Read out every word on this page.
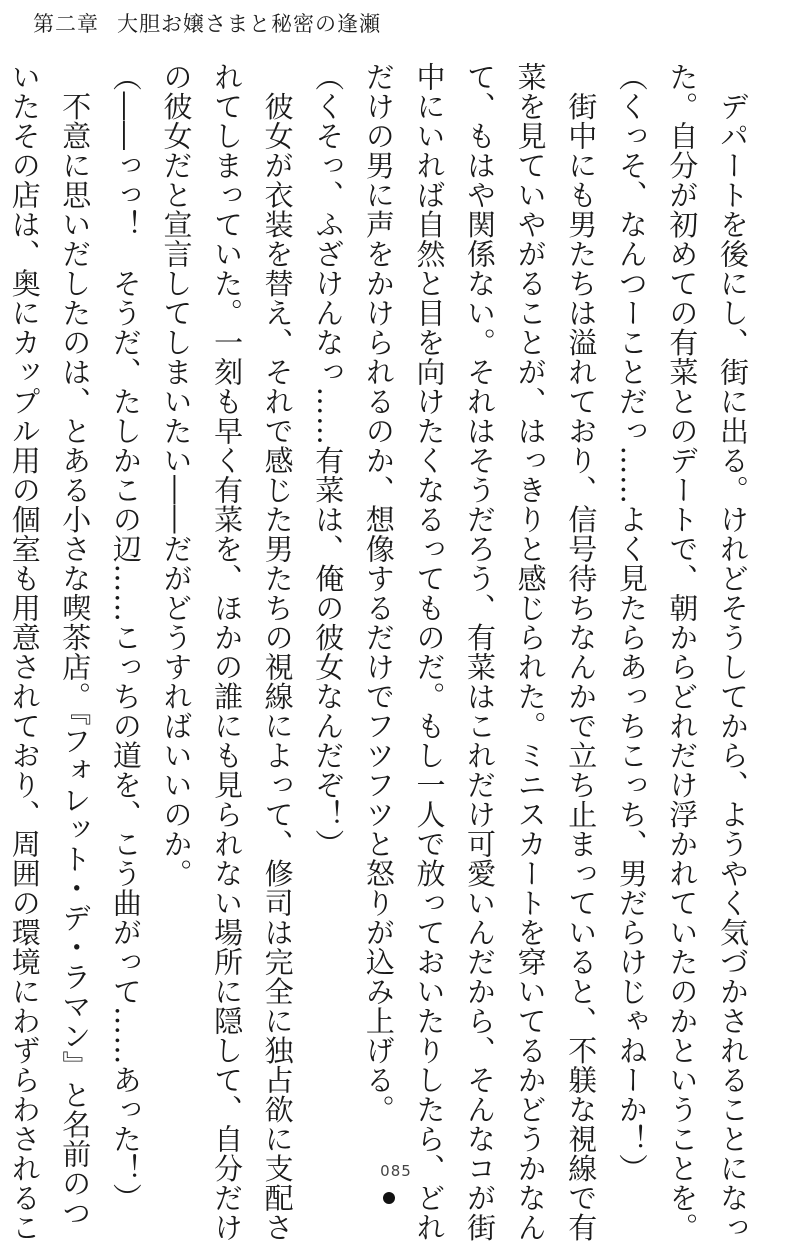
第二章 大胆お嬢さまと秘密の逢瀬
　デパートを後にし、街に出る。けれどそうしてから、ようやく気づかされることになっ
た。自分が初めての有菜とのデートで、朝からどれだけ浮かれていたのかということを。
（くっそ、なんつーことだっ……よく見たらあっちこっち、男だらけじゃねーか！）
　街中にも男たちは溢れており、信号待ちなんかで立ち止まっていると、不躾な視線で有
菜を見ていやがることが、はっきりと感じられた。ミニスカートを穿いてるかどうかなん
て、もはや関係ない。それはそうだろう、有菜はこれだけ可愛いんだから、そんなコが街
中にいれば自然と目を向けたくなるってものだ。もし一人で放っておいたりしたら、どれ
だけの男に声をかけられるのか、想像するだけでフツフツと怒りが込み上げる。
（くそっ、ふざけんなっ……有菜は、俺の彼女なんだぞ！）
　彼女が衣装を替え、それで感じた男たちの視線によって、修司は完全に独占欲に支配さ
れてしまっていた。一刻も早く有菜を、ほかの誰にも見られない場所に隠して、自分だけ
の彼女だと宣言してしまいたい――だがどうすればいいのか。
（――っっ！　そうだ、たしかこの辺……こっちの道を、こう曲がって……あった！）
　不意に思いだしたのは、とある小さな喫茶店。『フォレット・デ・ラマン』と名前のつ
いたその店は、奥にカップル用の個室も用意されており、周囲の環境にわずらわされるこ	085
